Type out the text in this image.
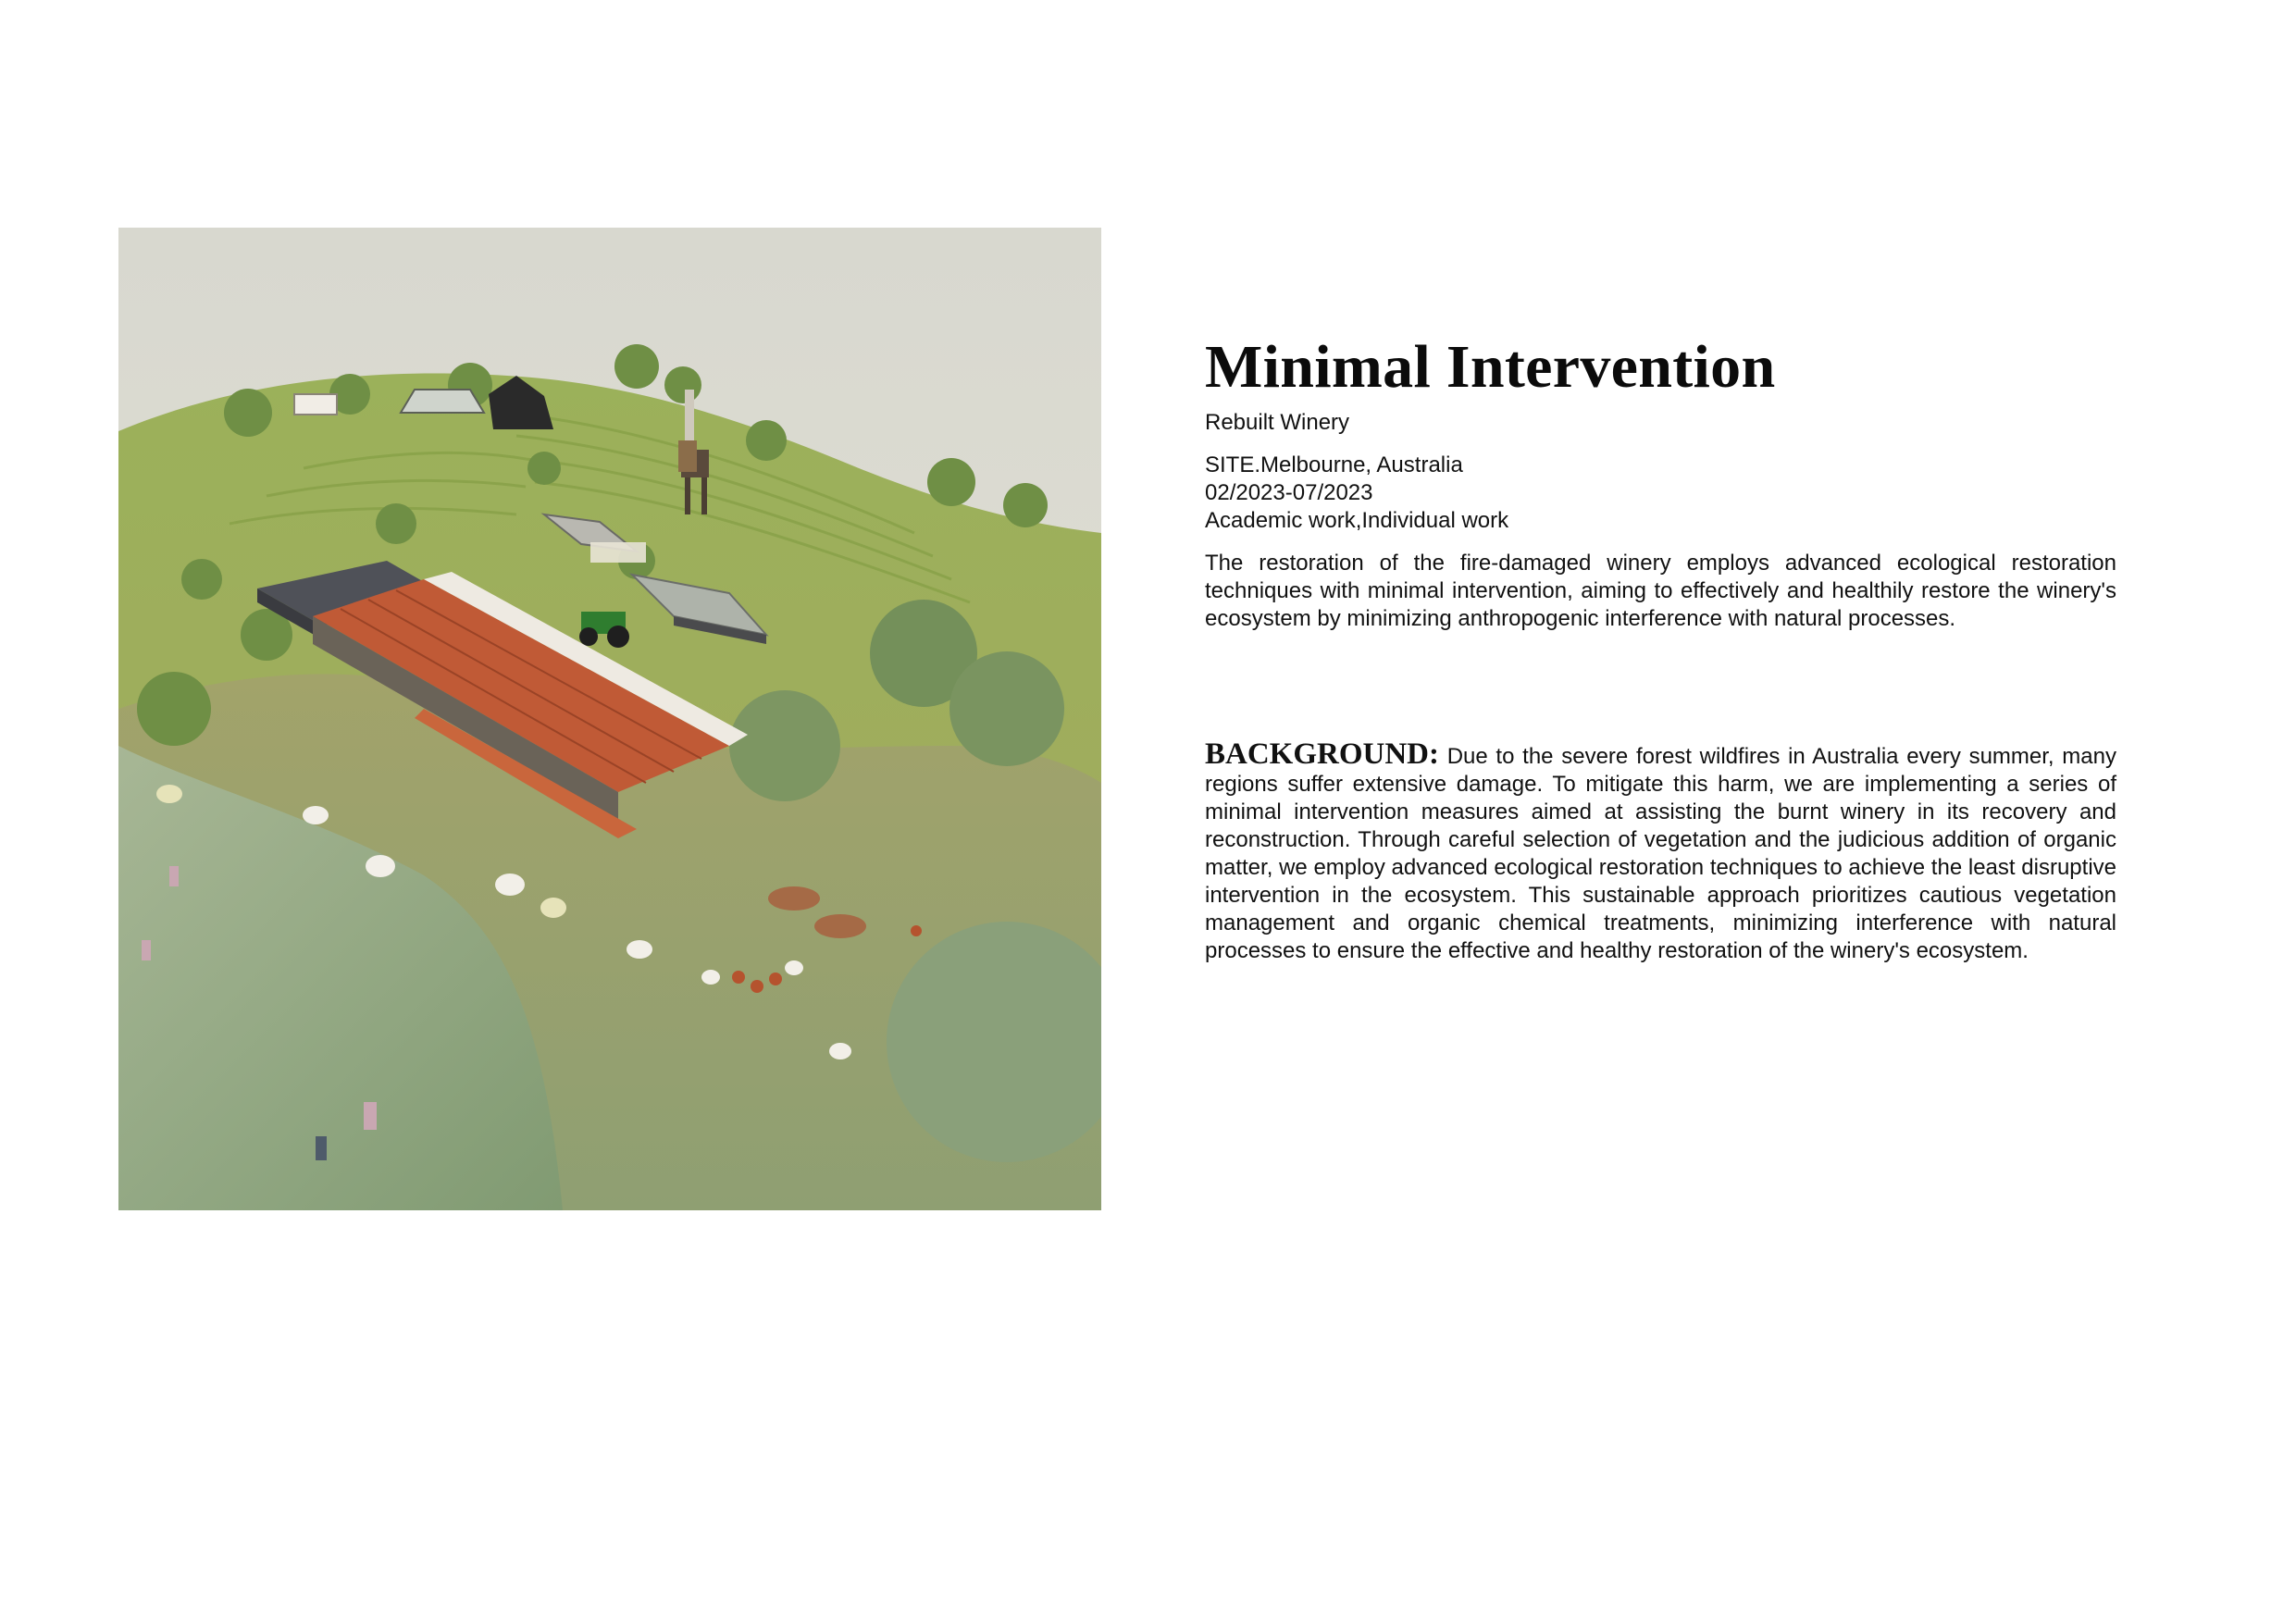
Minimal Intervention
Rebuilt Winery
SITE.Melbourne, Australia
02/2023-07/2023
Academic work,Individual work

The restoration of the fire-damaged winery employs advanced ecological restoration techniques with minimal intervention, aiming to effectively and healthily restore the winery's ecosystem by minimizing anthropogenic interference with natural processes.

BACKGROUND: Due to the severe forest wildfires in Australia every summer, many regions suffer extensive damage. To mitigate this harm, we are implementing a series of minimal intervention measures aimed at assisting the burnt winery in its recovery and reconstruction. Through careful selection of vegetation and the judicious addition of organic matter, we employ advanced ecological restoration techniques to achieve the least disruptive intervention in the ecosystem. This sustainable approach prioritizes cautious vegetation management and organic chemical treatments, minimizing interference with natural processes to ensure the effective and healthy restoration of the winery's ecosystem.
